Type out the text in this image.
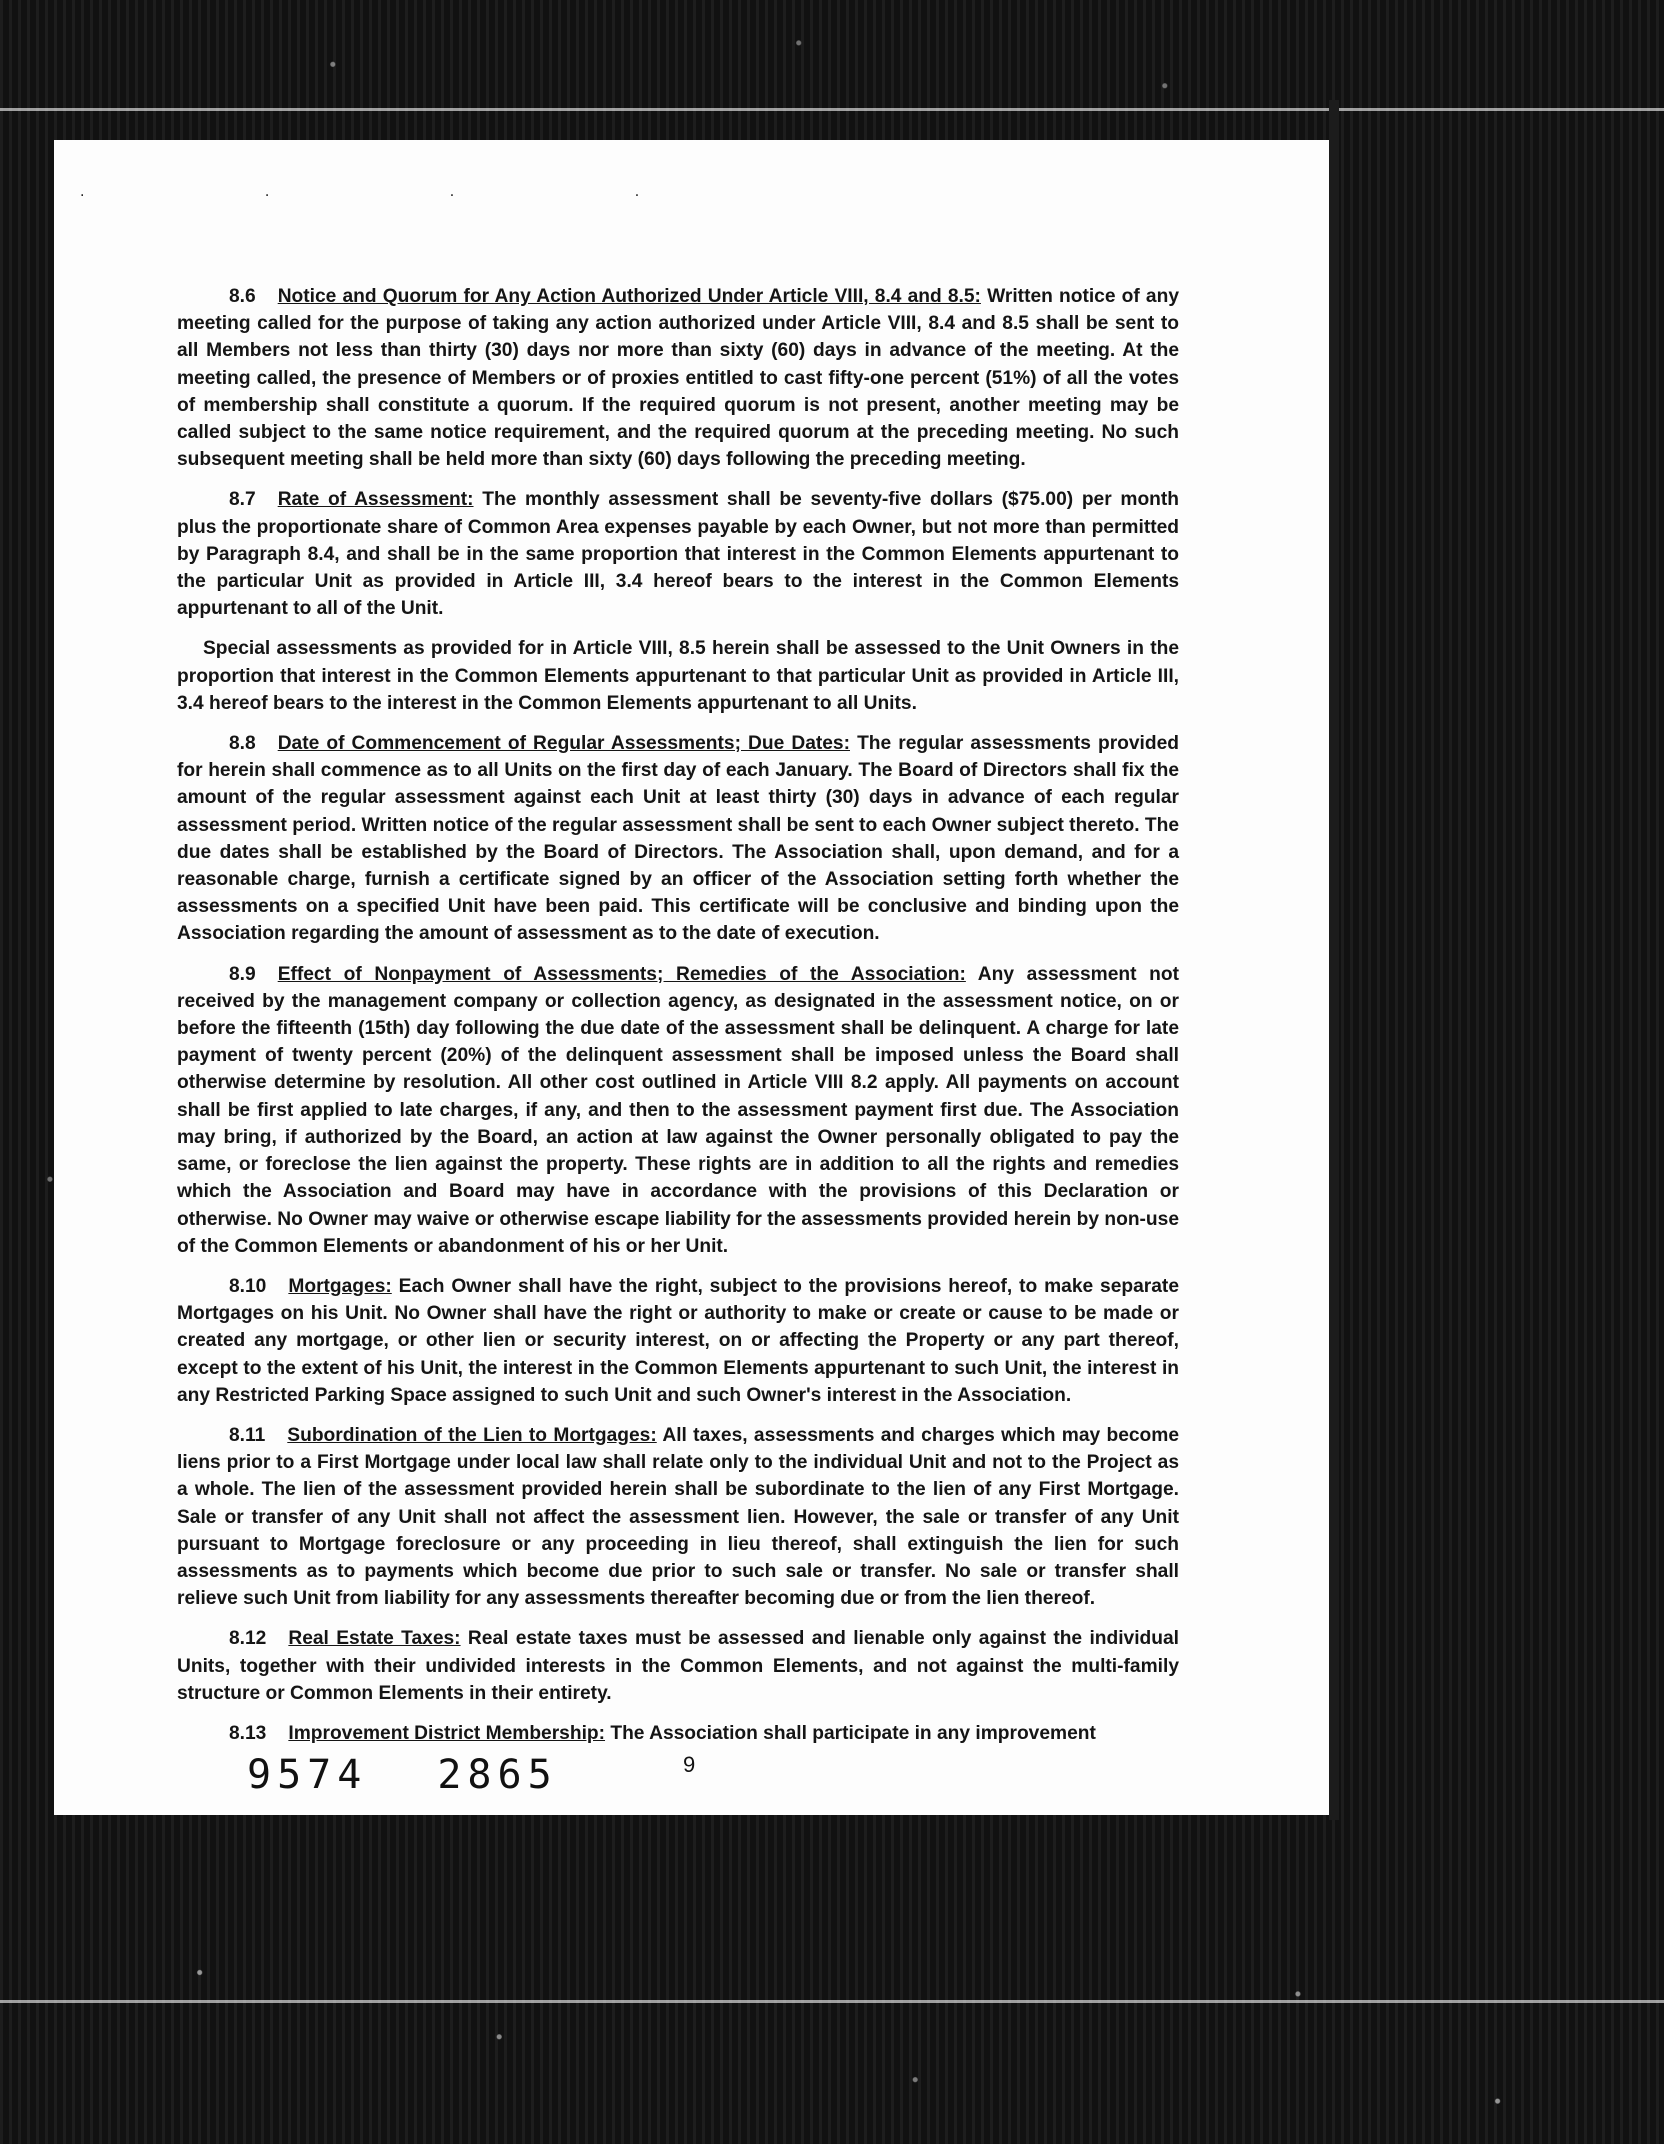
· · · ·

8.6 Notice and Quorum for Any Action Authorized Under Article VIII, 8.4 and 8.5: Written notice of any meeting called for the purpose of taking any action authorized under Article VIII, 8.4 and 8.5 shall be sent to all Members not less than thirty (30) days nor more than sixty (60) days in advance of the meeting. At the meeting called, the presence of Members or of proxies entitled to cast fifty-one percent (51%) of all the votes of membership shall constitute a quorum. If the required quorum is not present, another meeting may be called subject to the same notice requirement, and the required quorum at the preceding meeting. No such subsequent meeting shall be held more than sixty (60) days following the preceding meeting.

8.7 Rate of Assessment: The monthly assessment shall be seventy-five dollars ($75.00) per month plus the proportionate share of Common Area expenses payable by each Owner, but not more than permitted by Paragraph 8.4, and shall be in the same proportion that interest in the Common Elements appurtenant to the particular Unit as provided in Article III, 3.4 hereof bears to the interest in the Common Elements appurtenant to all of the Unit.

Special assessments as provided for in Article VIII, 8.5 herein shall be assessed to the Unit Owners in the proportion that interest in the Common Elements appurtenant to that particular Unit as provided in Article III, 3.4 hereof bears to the interest in the Common Elements appurtenant to all Units.

8.8 Date of Commencement of Regular Assessments; Due Dates: The regular assessments provided for herein shall commence as to all Units on the first day of each January. The Board of Directors shall fix the amount of the regular assessment against each Unit at least thirty (30) days in advance of each regular assessment period. Written notice of the regular assessment shall be sent to each Owner subject thereto. The due dates shall be established by the Board of Directors. The Association shall, upon demand, and for a reasonable charge, furnish a certificate signed by an officer of the Association setting forth whether the assessments on a specified Unit have been paid. This certificate will be conclusive and binding upon the Association regarding the amount of assessment as to the date of execution.

8.9 Effect of Nonpayment of Assessments; Remedies of the Association: Any assessment not received by the management company or collection agency, as designated in the assessment notice, on or before the fifteenth (15th) day following the due date of the assessment shall be delinquent. A charge for late payment of twenty percent (20%) of the delinquent assessment shall be imposed unless the Board shall otherwise determine by resolution. All other cost outlined in Article VIII 8.2 apply. All payments on account shall be first applied to late charges, if any, and then to the assessment payment first due. The Association may bring, if authorized by the Board, an action at law against the Owner personally obligated to pay the same, or foreclose the lien against the property. These rights are in addition to all the rights and remedies which the Association and Board may have in accordance with the provisions of this Declaration or otherwise. No Owner may waive or otherwise escape liability for the assessments provided herein by non-use of the Common Elements or abandonment of his or her Unit.

8.10 Mortgages: Each Owner shall have the right, subject to the provisions hereof, to make separate Mortgages on his Unit. No Owner shall have the right or authority to make or create or cause to be made or created any mortgage, or other lien or security interest, on or affecting the Property or any part thereof, except to the extent of his Unit, the interest in the Common Elements appurtenant to such Unit, the interest in any Restricted Parking Space assigned to such Unit and such Owner's interest in the Association.

8.11 Subordination of the Lien to Mortgages: All taxes, assessments and charges which may become liens prior to a First Mortgage under local law shall relate only to the individual Unit and not to the Project as a whole. The lien of the assessment provided herein shall be subordinate to the lien of any First Mortgage. Sale or transfer of any Unit shall not affect the assessment lien. However, the sale or transfer of any Unit pursuant to Mortgage foreclosure or any proceeding in lieu thereof, shall extinguish the lien for such assessments as to payments which become due prior to such sale or transfer. No sale or transfer shall relieve such Unit from liability for any assessments thereafter becoming due or from the lien thereof.

8.12 Real Estate Taxes: Real estate taxes must be assessed and lienable only against the individual Units, together with their undivided interests in the Common Elements, and not against the multi-family structure or Common Elements in their entirety.

8.13 Improvement District Membership: The Association shall participate in any improvement

9574 2865	9
